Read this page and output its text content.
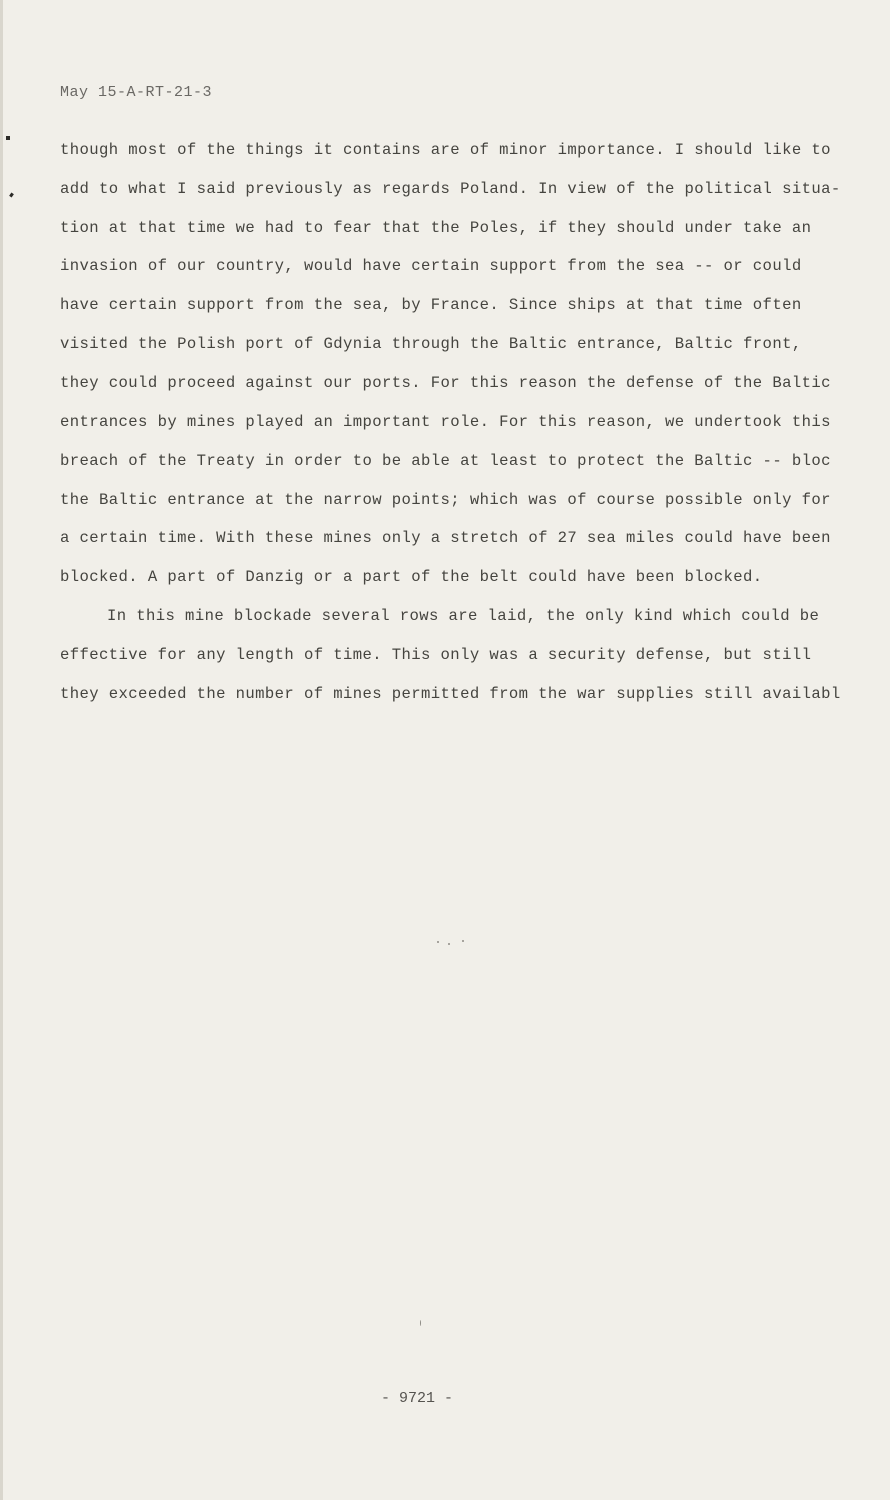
May 15-A-RT-21-3
though most of the things it contains are of minor importance. I should like to
add to what I said previously as regards Poland. In view of the political situa-
tion at that time we had to fear that the Poles, if they should under take an
invasion of our country, would have certain support from the sea -- or could
have certain support from the sea, by France. Since ships at that time often
visited the Polish port of Gdynia through the Baltic entrance, Baltic front,
they could proceed against our ports. For this reason the defense of the Baltic
entrances by mines played an important role. For this reason, we undertook this
breach of the Treaty in order to be able at least to protect the Baltic -- bloc
the Baltic entrance at the narrow points; which was of course possible only for
a certain time. With these mines only a stretch of 27 sea miles could have been
blocked. A part of Danzig or a part of the belt could have been blocked.
In this mine blockade several rows are laid, the only kind which could be
effective for any length of time. This only was a security defense, but still
they exceeded the number of mines permitted from the war supplies still availabl
- 9721 -
